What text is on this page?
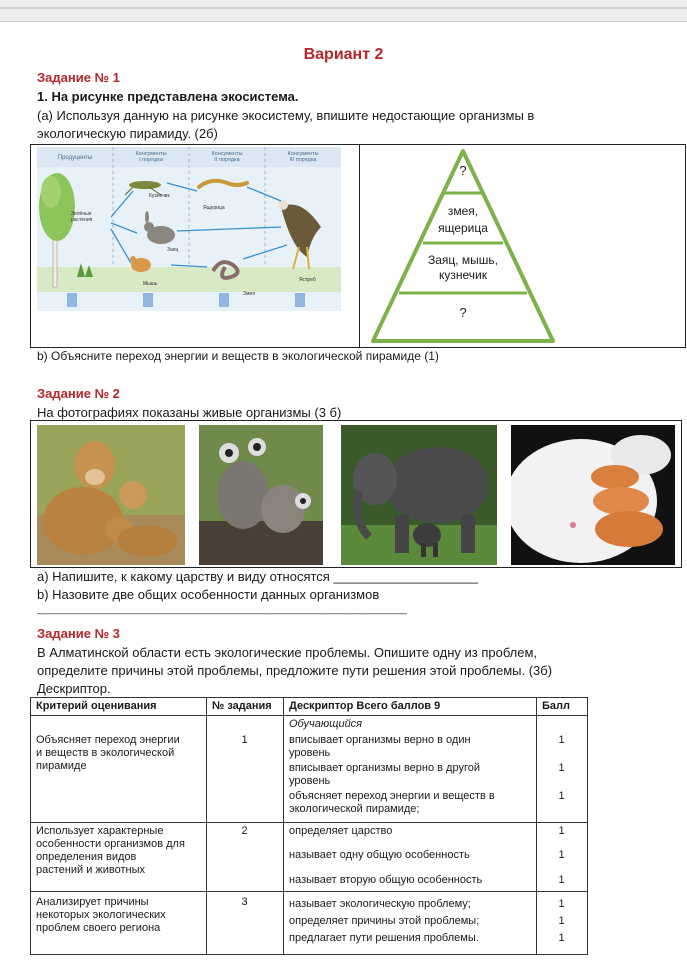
Вариант 2
Задание № 1
1. На рисунке представлена экосистема.
(а) Используя данную на рисунке экосистему, впишите недостающие организмы в
экологическую пирамиду. (2б)
Продуценты
Консументы I порядка
Консументы II порядка
Консументы III порядка
Зелёные растения
Кузнечик
Заяц
Мышь
Ящерица
Змея
Ястреб
?
змея,
ящерица
Заяц, мышь,
кузнечик
?
b) Объясните переход энергии и веществ в экологической пирамиде (1)
Задание № 2
На фотографиях показаны живые организмы (3 б)
а) Напишите, к какому царству и виду относятся ____________________
b) Назовите две общих особенности данных организмов
_________________________________________________________________________
Задание № 3
В Алматинской области есть экологические проблемы. Опишите одну из проблем,
определите причины этой проблемы, предложите пути решения этой проблемы. (3б)
Дескриптор.
Критерий оценивания	№ задания Дескриптор Всего баллов 9	Балл
Обучающийся
Объясняет переход энергии
и веществ в экологической
пирамиде
Использует характерные
особенности организмов для
определения видов
растений и животных
Анализирует причины
некоторых экологических
проблем своего региона
1
2
3
вписывает организмы верно в один
уровень
вписывает организмы верно в другой
уровень
объясняет переход энергии и веществ в
экологической пирамиде;
определяет царство
называет одну общую особенность
называет вторую общую особенность
называет экологическую проблему;
определяет причины этой проблемы;
предлагает пути решения проблемы.
1
1
1
1
1
1
1
1
1
